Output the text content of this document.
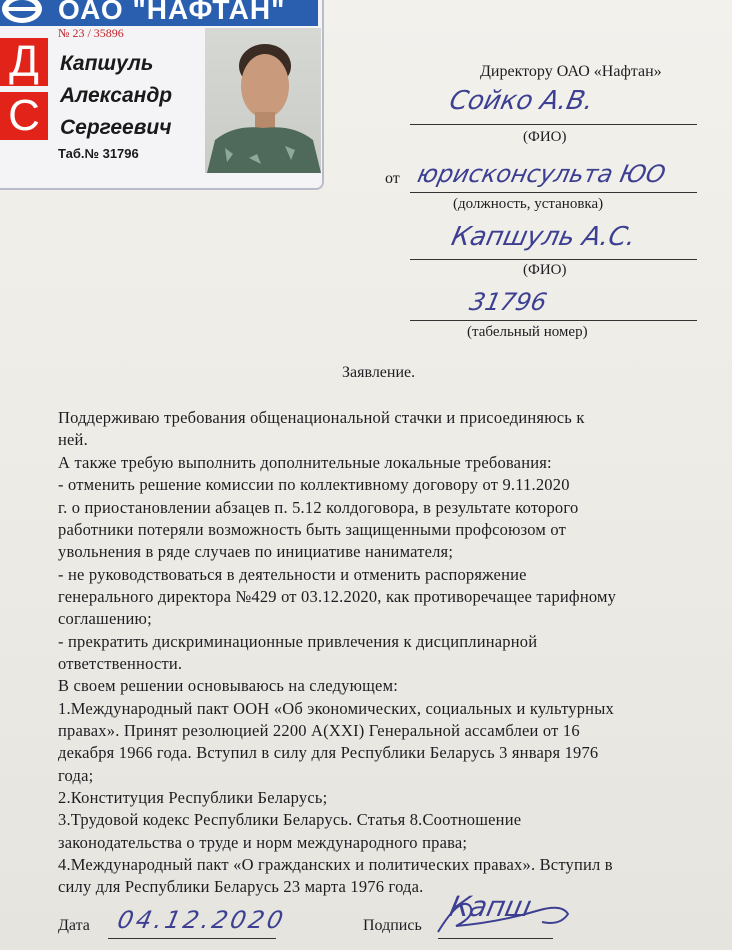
ОАО "НАФТАН"
№ 23 / 35896
Д
С
Капшуль
Александр
Сергеевич
Таб.№ 31796
Директору ОАО «Нафтан»
Сойко А.В.
(ФИО)
от юрисконсульта ЮО
(должность, установка)
Капшуль А.С.
(ФИО)
31796
(табельный номер)
Заявление.
Поддерживаю требования общенациональной стачки и присоединяюсь к
ней.
А также требую выполнить дополнительные локальные требования:
- отменить решение комиссии по коллективному договору от 9.11.2020
г. о приостановлении абзацев п. 5.12 колдоговора, в результате которого
работники потеряли возможность быть защищенными профсоюзом от
увольнения в ряде случаев по инициативе нанимателя;
- не руководствоваться в деятельности и отменить распоряжение
генерального директора №429 от 03.12.2020, как противоречащее тарифному
соглашению;
- прекратить дискриминационные привлечения к дисциплинарной
ответственности.
В своем решении основываюсь на следующем:
1.Международный пакт ООН «Об экономических, социальных и культурных
правах». Принят резолюцией 2200 A(XXI) Генеральной ассамблеи от 16
декабря 1966 года. Вступил в силу для Республики Беларусь 3 января 1976
года;
2.Конституция Республики Беларусь;
3.Трудовой кодекс Республики Беларусь. Статья 8.Соотношение
законодательства о труде и норм международного права;
4.Международный пакт «О гражданских и политических правах». Вступил в
силу для Республики Беларусь 23 марта 1976 года.
Дата 04.12.2020	Подпись
Капш
